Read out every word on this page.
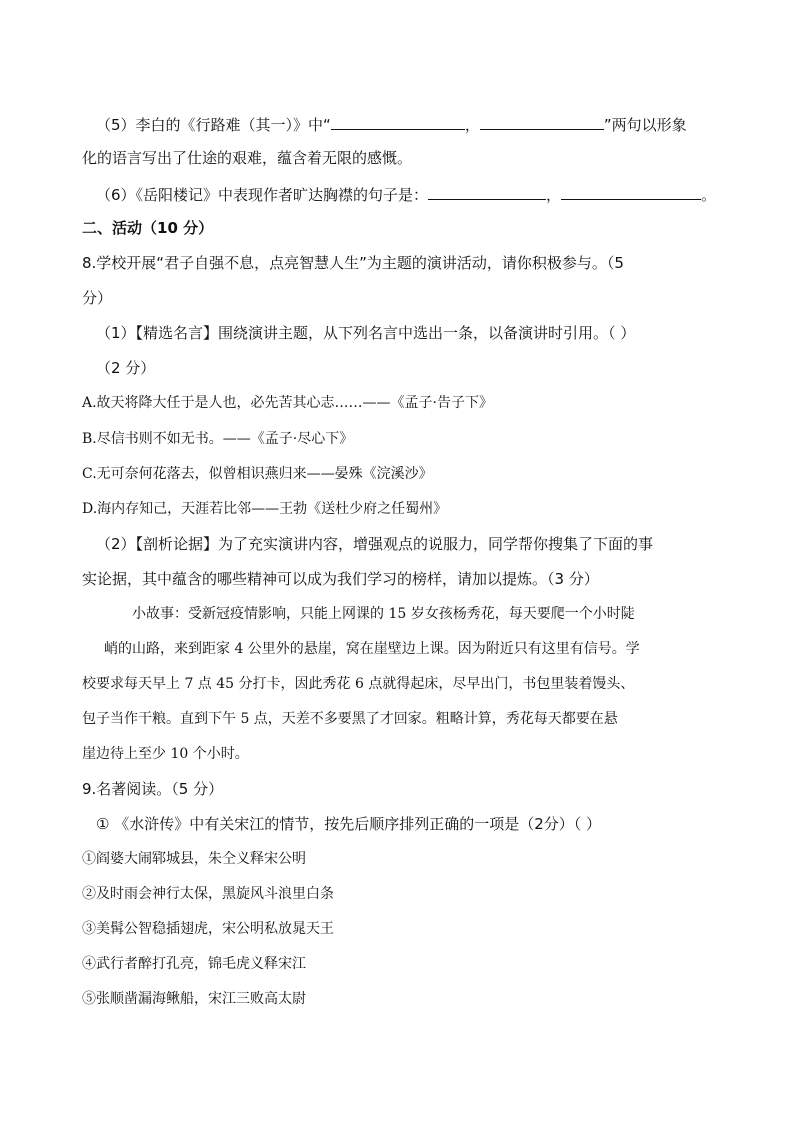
（5）李白的《行路难（其一）》中“	，	”两句以形象
化的语言写出了仕途的艰难，蕴含着无限的感慨。
（6）《岳阳楼记》中表现作者旷达胸襟的句子是：	，	。
二、活动（10 分）
8.学校开展“君子自强不息，点亮智慧人生”为主题的演讲活动，请你积极参与。（5
分）
（1）【精选名言】围绕演讲主题，从下列名言中选出一条，以备演讲时引用。（ ）
（2 分）
A.故天将降大任于是人也，必先苦其心志……——《孟子·告子下》
B.尽信书则不如无书。——《孟子·尽心下》
C.无可奈何花落去，似曾相识燕归来——晏殊《浣溪沙》
D.海内存知己，天涯若比邻——王勃《送杜少府之任蜀州》
（2）【剖析论据】为了充实演讲内容，增强观点的说服力，同学帮你搜集了下面的事
实论据，其中蕴含的哪些精神可以成为我们学习的榜样，请加以提炼。（3 分）
小故事：受新冠疫情影响，只能上网课的 15 岁女孩杨秀花，每天要爬一个小时陡
峭的山路，来到距家 4 公里外的悬崖，窝在崖壁边上课。因为附近只有这里有信号。学
校要求每天早上 7 点 45 分打卡，因此秀花 6 点就得起床，尽早出门，书包里装着馒头、
包子当作干粮。直到下午 5 点，天差不多要黑了才回家。粗略计算，秀花每天都要在悬
崖边待上至少 10 个小时。
9.名著阅读。（5 分）
① 《水浒传》中有关宋江的情节，按先后顺序排列正确的一项是（2分）（ ）
①阎婆大闹郓城县，朱仝义释宋公明
②及时雨会神行太保，黑旋风斗浪里白条
③美髯公智稳插翅虎，宋公明私放晁天王
④武行者醉打孔亮，锦毛虎义释宋江
⑤张顺凿漏海鳅船，宋江三败高太尉
